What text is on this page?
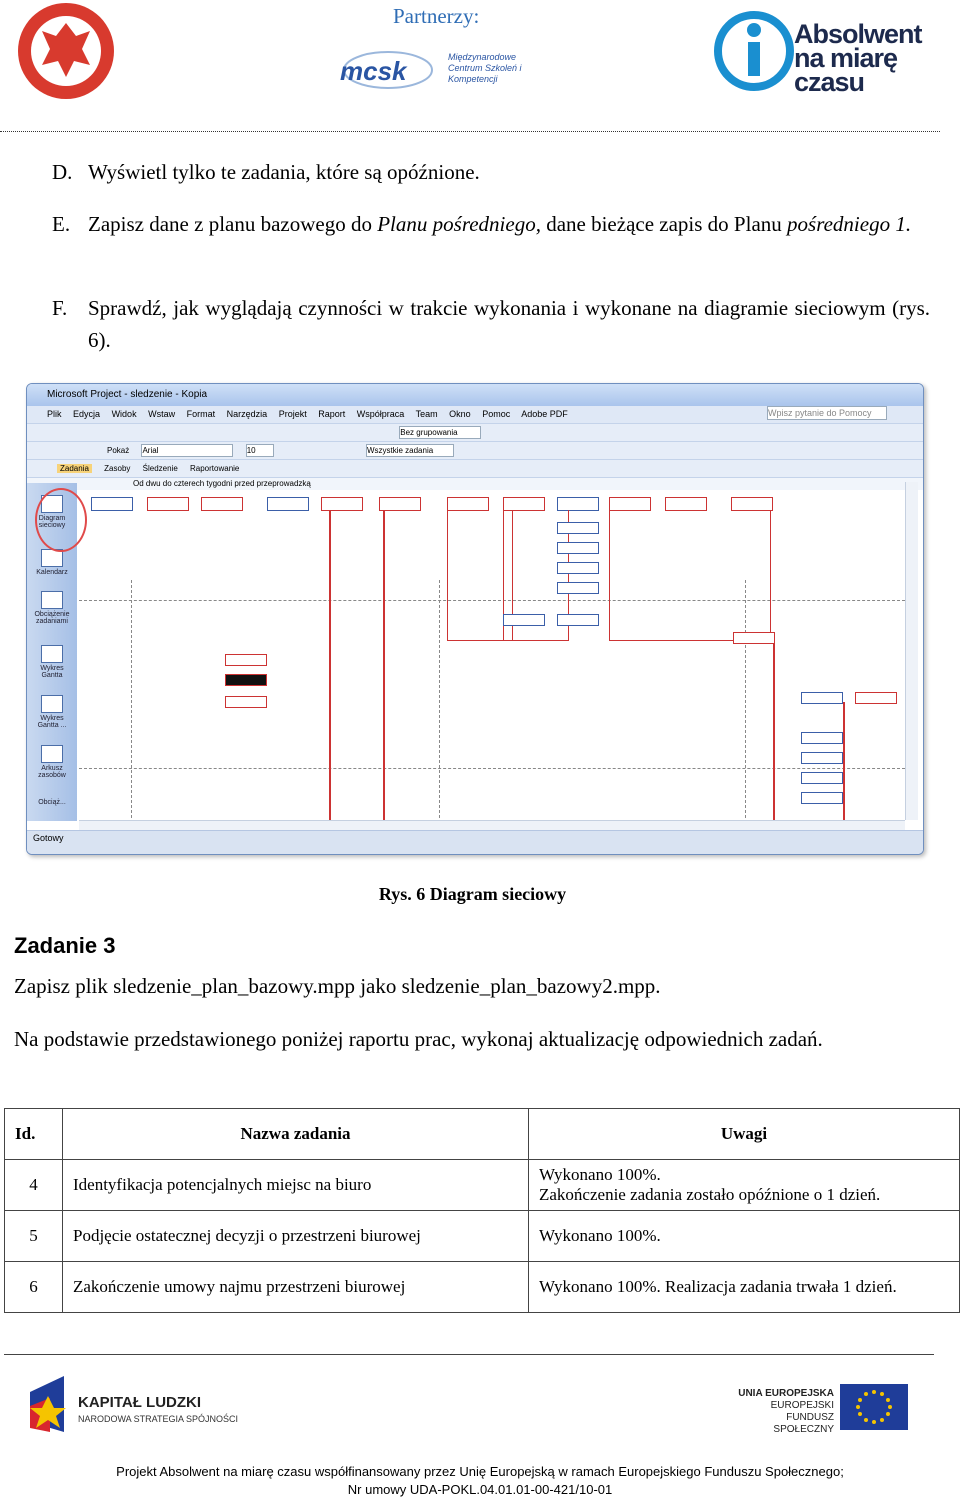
Partnerzy:
mcsk	Międzynarodowe Centrum Szkoleń i Kompetencji
Absolwent na miarę czasu
D. Wyświetl tylko te zadania, które są opóźnione.
E. Zapisz dane z planu bazowego do Planu pośredniego, dane bieżące zapis do Planu pośredniego 1.
F. Sprawdź, jak wyglądają czynności w trakcie wykonania i wykonane na diagramie sieciowym (rys. 6).
Microsoft Project - sledzenie - Kopia
Plik Edycja Widok Wstaw Format Narzędzia Projekt Raport Współpraca Team Okno Pomoc Adobe PDF	Wpisz pytanie do Pomocy
Bez grupowania
Pokaż Arial	10	Wszystkie zadania
Zadania Zasoby Śledzenie Raportowanie
Od dwu do czterech tygodni przed przeprowadzką
Diagram sieciowy
Kalendarz
Obciążenie zadaniami
Wykres Gantta
Wykres Gantta ...
Arkusz zasobów
Obciąż...
Gotowy
Rys. 6 Diagram sieciowy
Zadanie 3
Zapisz plik sledzenie_plan_bazowy.mpp jako sledzenie_plan_bazowy2.mpp.
Na podstawie przedstawionego poniżej raportu prac, wykonaj aktualizację odpowiednich zadań.
Id.	Nazwa zadania	Uwagi
4	Identyfikacja potencjalnych miejsc na biuro	Wykonano 100%.
Zakończenie zadania zostało opóźnione o 1 dzień.

5	Podjęcie ostatecznej decyzji o przestrzeni biurowej	Wykonano 100%.
6	Zakończenie umowy najmu przestrzeni biurowej	Wykonano 100%. Realizacja zadania trwała 1 dzień.
KAPITAŁ LUDZKI
NARODOWA STRATEGIA SPÓJNOŚCI
UNIA EUROPEJSKA
EUROPEJSKI
FUNDUSZ SPOŁECZNY
Projekt Absolwent na miarę czasu współfinansowany przez Unię Europejską w ramach Europejskiego Funduszu Społecznego;
Nr umowy UDA-POKL.04.01.01-00-421/10-01
